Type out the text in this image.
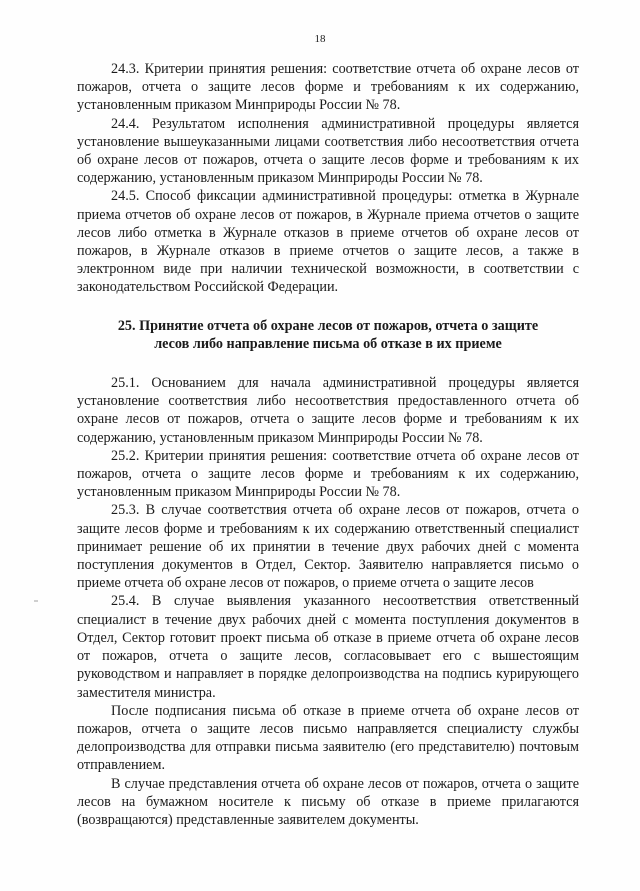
18

24.3. Критерии принятия решения: соответствие отчета об охране лесов от пожаров, отчета о защите лесов форме и требованиям к их содержанию, установленным приказом Минприроды России № 78.

24.4. Результатом исполнения административной процедуры является установление вышеуказанными лицами соответствия либо несоответствия отчета об охране лесов от пожаров, отчета о защите лесов форме и требованиям к их содержанию, установленным приказом Минприроды России № 78.

24.5. Способ фиксации административной процедуры: отметка в Журнале приема отчетов об охране лесов от пожаров, в Журнале приема отчетов о защите лесов либо отметка в Журнале отказов в приеме отчетов об охране лесов от пожаров, в Журнале отказов в приеме отчетов о защите лесов, а также в электронном виде при наличии технической возможности, в соответствии с законодательством Российской Федерации.

25. Принятие отчета об охране лесов от пожаров, отчета о защите
лесов либо направление письма об отказе в их приеме

25.1. Основанием для начала административной процедуры является установление соответствия либо несоответствия предоставленного отчета об охране лесов от пожаров, отчета о защите лесов форме и требованиям к их содержанию, установленным приказом Минприроды России № 78.

25.2. Критерии принятия решения: соответствие отчета об охране лесов от пожаров, отчета о защите лесов форме и требованиям к их содержанию, установленным приказом Минприроды России № 78.

25.3. В случае соответствия отчета об охране лесов от пожаров, отчета о защите лесов форме и требованиям к их содержанию ответственный специалист принимает решение об их принятии в течение двух рабочих дней с момента поступления документов в Отдел, Сектор. Заявителю направляется письмо о приеме отчета об охране лесов от пожаров, о приеме отчета о защите лесов

25.4. В случае выявления указанного несоответствия ответственный специалист в течение двух рабочих дней с момента поступления документов в Отдел, Сектор готовит проект письма об отказе в приеме отчета об охране лесов от пожаров, отчета о защите лесов, согласовывает его с вышестоящим руководством и направляет в порядке делопроизводства на подпись курирующего заместителя министра.

После подписания письма об отказе в приеме отчета об охране лесов от пожаров, отчета о защите лесов письмо направляется специалисту службы делопроизводства для отправки письма заявителю (его представителю) почтовым отправлением.

В случае представления отчета об охране лесов от пожаров, отчета о защите лесов на бумажном носителе к письму об отказе в приеме прилагаются (возвращаются) представленные заявителем документы.
